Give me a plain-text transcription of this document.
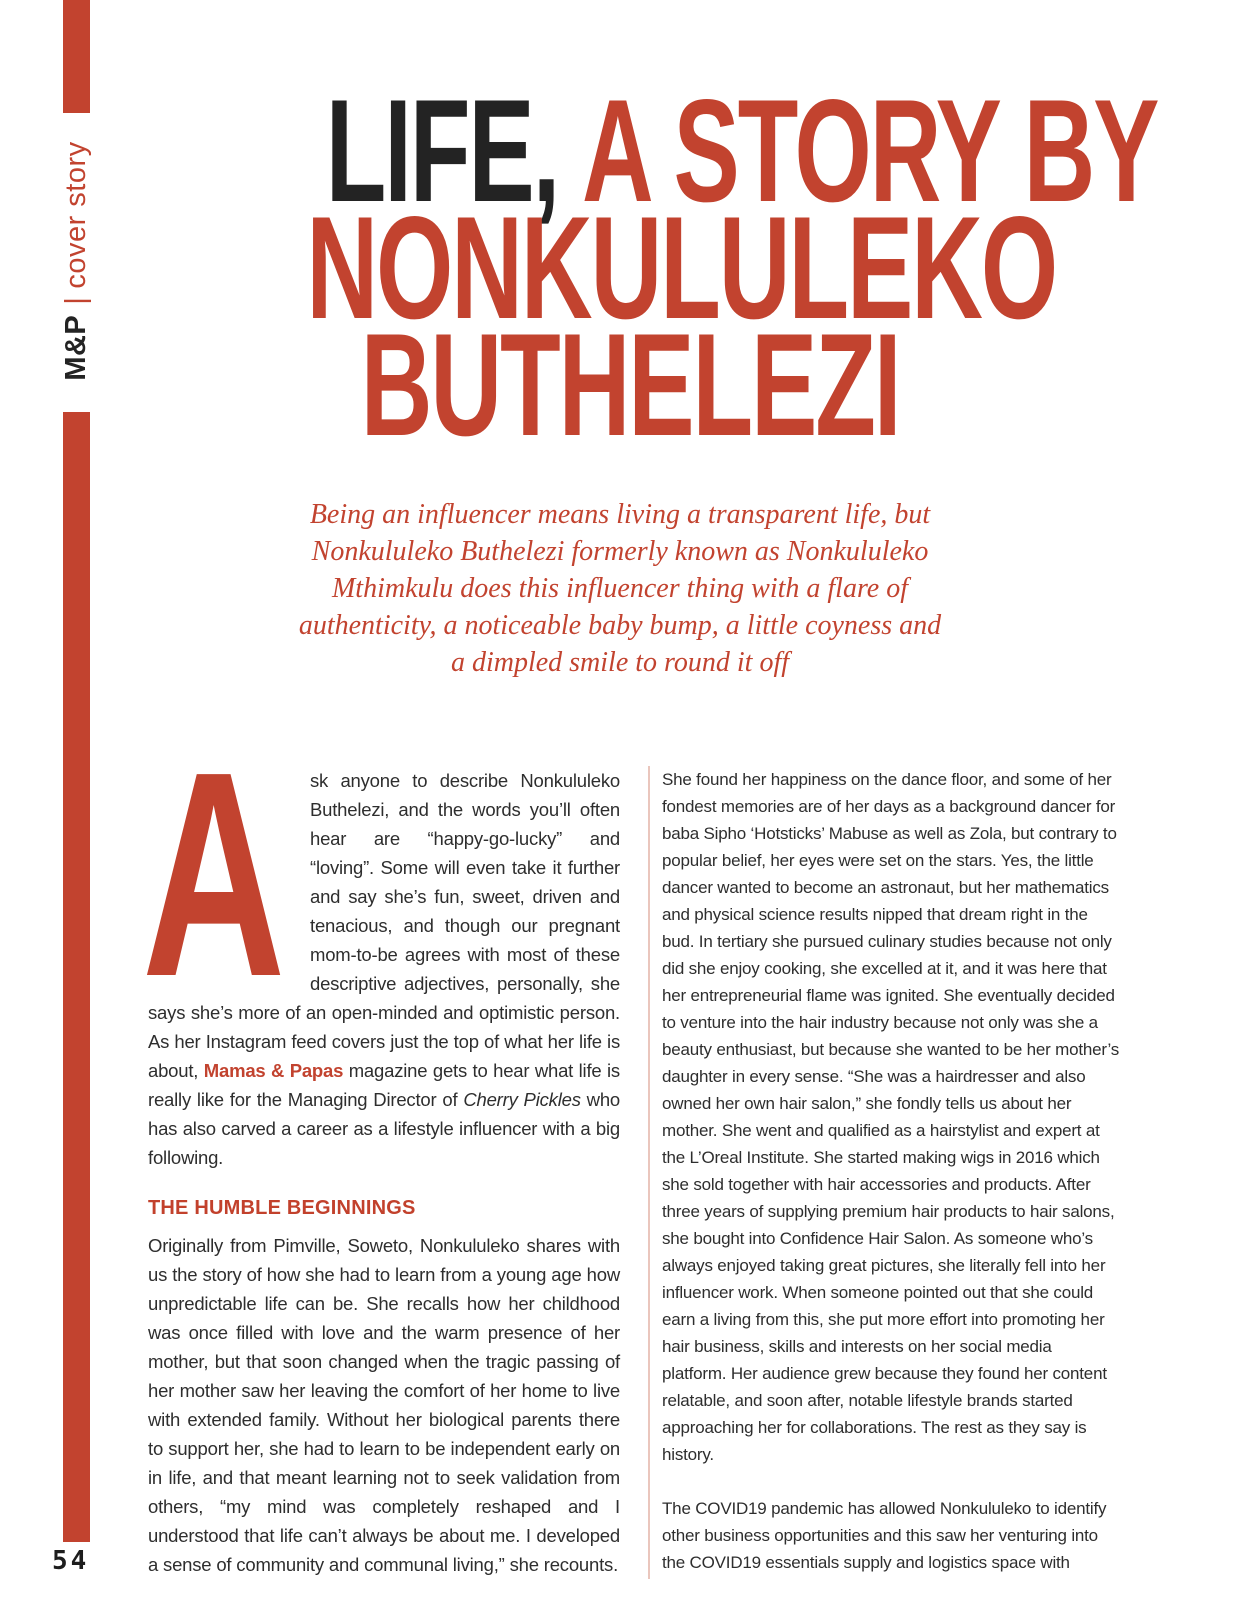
M&P
|
cover story	LIFE, A STORY BY
NONKULULEKO
BUTHELEZI
Being an influencer means living a transparent life, but
Nonkululeko Buthelezi formerly known as Nonkululeko
Mthimkulu does this influencer thing with a flare of
authenticity, a noticeable baby bump, a little coyness and
a dimpled smile to round it off

A sk anyone to describe Nonkululeko Buthelezi, and the words you’ll often hear are “happy-go-lucky” and “loving”. Some will even take it further and say she’s fun, sweet, driven and tenacious, and though our pregnant mom-to-be agrees with most of these descriptive adjectives, personally, she says she’s more of an open-minded and optimistic person. As her Instagram feed covers just the top of what her life is about, Mamas & Papas magazine gets to hear what life is really like for the Managing Director of Cherry Pickles who has also carved a career as a lifestyle influencer with a big following.

THE HUMBLE BEGINNINGS

Originally from Pimville, Soweto, Nonkululeko shares with us the story of how she had to learn from a young age how unpredictable life can be. She recalls how her childhood was once filled with love and the warm presence of her mother, but that soon changed when the tragic passing of her mother saw her leaving the comfort of her home to live with extended family. Without her biological parents there to support her, she had to learn to be independent early on in life, and that meant learning not to seek validation from others, “my mind was completely reshaped and I understood that life can’t always be about me. I developed a sense of community and communal living,” she recounts.

She found her happiness on the dance floor, and some of her fondest memories are of her days as a background dancer for baba Sipho ‘Hotsticks’ Mabuse as well as Zola, but contrary to popular belief, her eyes were set on the stars. Yes, the little dancer wanted to become an astronaut, but her mathematics and physical science results nipped that dream right in the bud. In tertiary she pursued culinary studies because not only did she enjoy cooking, she excelled at it, and it was here that her entrepreneurial flame was ignited. She eventually decided to venture into the hair industry because not only was she a beauty enthusiast, but because she wanted to be her mother’s daughter in every sense. “She was a hairdresser and also owned her own hair salon,” she fondly tells us about her mother. She went and qualified as a hairstylist and expert at the L’Oreal Institute. She started making wigs in 2016 which she sold together with hair accessories and products. After three years of supplying premium hair products to hair salons, she bought into Confidence Hair Salon. As someone who’s always enjoyed taking great pictures, she literally fell into her influencer work. When someone pointed out that she could earn a living from this, she put more effort into promoting her hair business, skills and interests on her social media platform. Her audience grew because they found her content relatable, and soon after, notable lifestyle brands started approaching her for collaborations. The rest as they say is history.

The COVID19 pandemic has allowed Nonkululeko to identify other business opportunities and this saw her venturing into the COVID19 essentials supply and logistics space with

54
